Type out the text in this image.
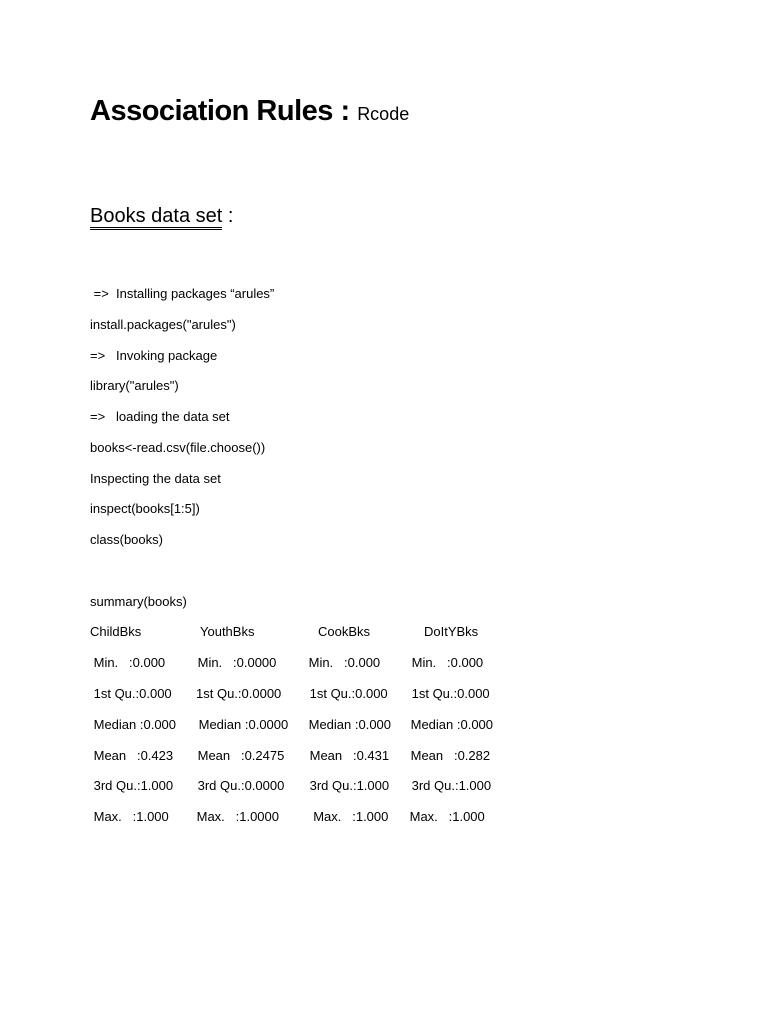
Association Rules : Rcode
Books data set :
=>  Installing packages “arules”
install.packages("arules")
=>   Invoking package
library("arules")
=>   loading the data set
books<-read.csv(file.choose())
Inspecting the data set
inspect(books[1:5])
class(books)
summary(books)
ChildBks	YouthBks	CookBks	DoItYBks
Min.   :0.000 Min.   :0.0000 Min.   :0.000 Min.   :0.000
1st Qu.:0.000 1st Qu.:0.0000 1st Qu.:0.000 1st Qu.:0.000
Median :0.000 Median :0.0000 Median :0.000 Median :0.000
Mean   :0.423 Mean   :0.2475 Mean   :0.431 Mean   :0.282
3rd Qu.:1.000 3rd Qu.:0.0000 3rd Qu.:1.000 3rd Qu.:1.000
Max.   :1.000 Max.   :1.0000 Max.   :1.000 Max.   :1.000
